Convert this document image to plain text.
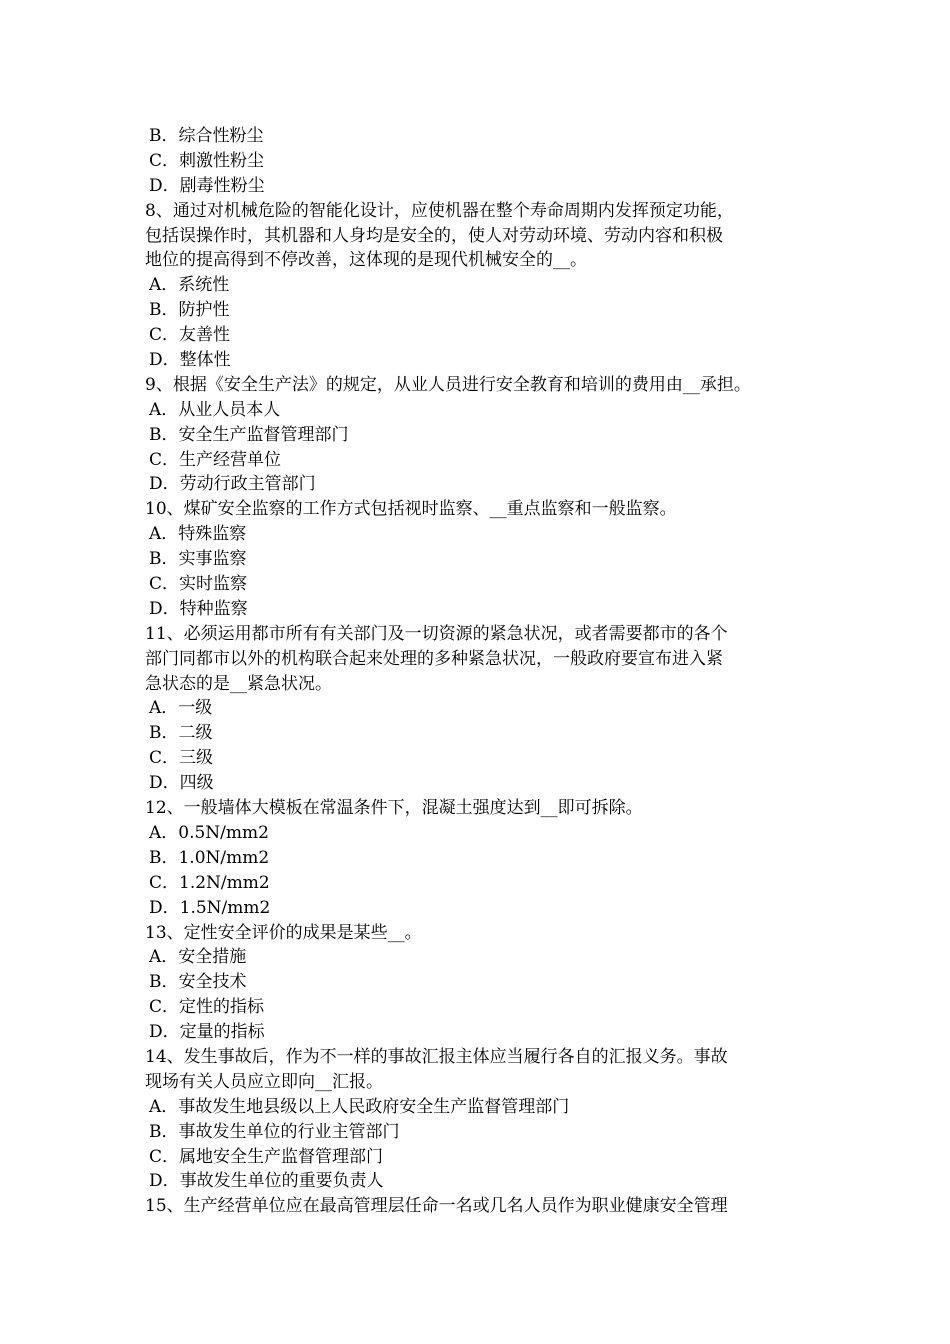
B．综合性粉尘
C．刺激性粉尘
D．剧毒性粉尘
8、通过对机械危险的智能化设计，应使机器在整个寿命周期内发挥预定功能，
包括误操作时，其机器和人身均是安全的，使人对劳动环境、劳动内容和积极
地位的提高得到不停改善，这体现的是现代机械安全的__。
A．系统性
B．防护性
C．友善性
D．整体性
9、根据《安全生产法》的规定，从业人员进行安全教育和培训的费用由__承担。
A．从业人员本人
B．安全生产监督管理部门
C．生产经营单位
D．劳动行政主管部门
10、煤矿安全监察的工作方式包括视时监察、__重点监察和一般监察。
A．特殊监察
B．实事监察
C．实时监察
D．特种监察
11、必须运用都市所有有关部门及一切资源的紧急状况，或者需要都市的各个
部门同都市以外的机构联合起来处理的多种紧急状况，一般政府要宣布进入紧
急状态的是__紧急状况。
A．一级
B．二级
C．三级
D．四级
12、一般墙体大模板在常温条件下，混凝土强度达到__即可拆除。
A．0.5N/mm2
B．1.0N/mm2
C．1.2N/mm2
D．1.5N/mm2
13、定性安全评价的成果是某些__。
A．安全措施
B．安全技术
C．定性的指标
D．定量的指标
14、发生事故后，作为不一样的事故汇报主体应当履行各自的汇报义务。事故
现场有关人员应立即向__汇报。
A．事故发生地县级以上人民政府安全生产监督管理部门
B．事故发生单位的行业主管部门
C．属地安全生产监督管理部门
D．事故发生单位的重要负责人
15、生产经营单位应在最高管理层任命一名或几名人员作为职业健康安全管理
